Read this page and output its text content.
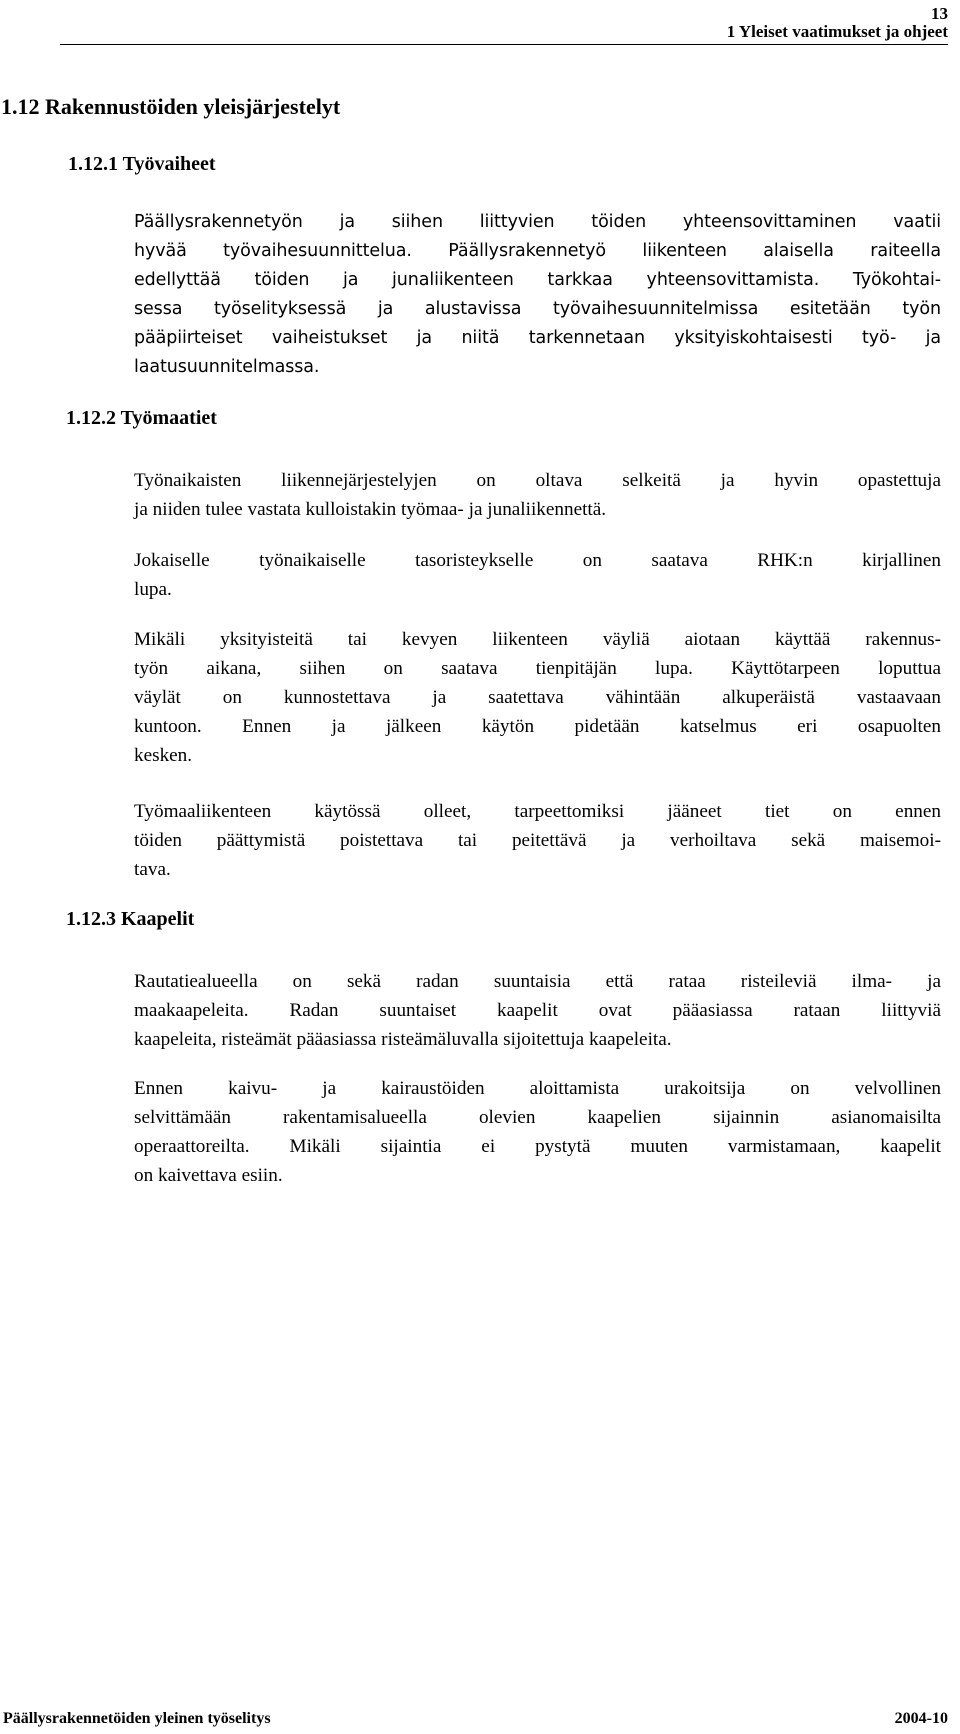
13
1 Yleiset vaatimukset ja ohjeet
1.12 Rakennustöiden yleisjärjestelyt
1.12.1 Työvaiheet
Päällysrakennetyön ja siihen liittyvien töiden yhteensovittaminen vaatii
hyvää työvaihesuunnittelua. Päällysrakennetyö liikenteen alaisella raiteella
edellyttää töiden ja junaliikenteen tarkkaa yhteensovittamista. Työkohtai-
sessa työselityksessä ja alustavissa työvaihesuunnitelmissa esitetään työn
pääpiirteiset vaiheistukset ja niitä tarkennetaan yksityiskohtaisesti työ- ja
laatusuunnitelmassa.
1.12.2 Työmaatiet
Työnaikaisten liikennejärjestelyjen on oltava selkeitä ja hyvin opastettuja
ja niiden tulee vastata kulloistakin työmaa- ja junaliikennettä.
Jokaiselle työnaikaiselle tasoristeykselle on saatava RHK:n kirjallinen
lupa.
Mikäli yksityisteitä tai kevyen liikenteen väyliä aiotaan käyttää rakennus-
työn aikana, siihen on saatava tienpitäjän lupa. Käyttötarpeen loputtua
väylät on kunnostettava ja saatettava vähintään alkuperäistä vastaavaan
kuntoon. Ennen ja jälkeen käytön pidetään katselmus eri osapuolten
kesken.
Työmaaliikenteen käytössä olleet, tarpeettomiksi jääneet tiet on ennen
töiden päättymistä poistettava tai peitettävä ja verhoiltava sekä maisemoi-
tava.
1.12.3 Kaapelit
Rautatiealueella on sekä radan suuntaisia että rataa risteileviä ilma- ja
maakaapeleita. Radan suuntaiset kaapelit ovat pääasiassa rataan liittyviä
kaapeleita, risteämät pääasiassa risteämäluvalla sijoitettuja kaapeleita.
Ennen kaivu- ja kairaustöiden aloittamista urakoitsija on velvollinen
selvittämään rakentamisalueella olevien kaapelien sijainnin asianomaisilta
operaattoreilta. Mikäli sijaintia ei pystytä muuten varmistamaan, kaapelit
on kaivettava esiin.
Päällysrakennetöiden yleinen työselitys	2004-10
